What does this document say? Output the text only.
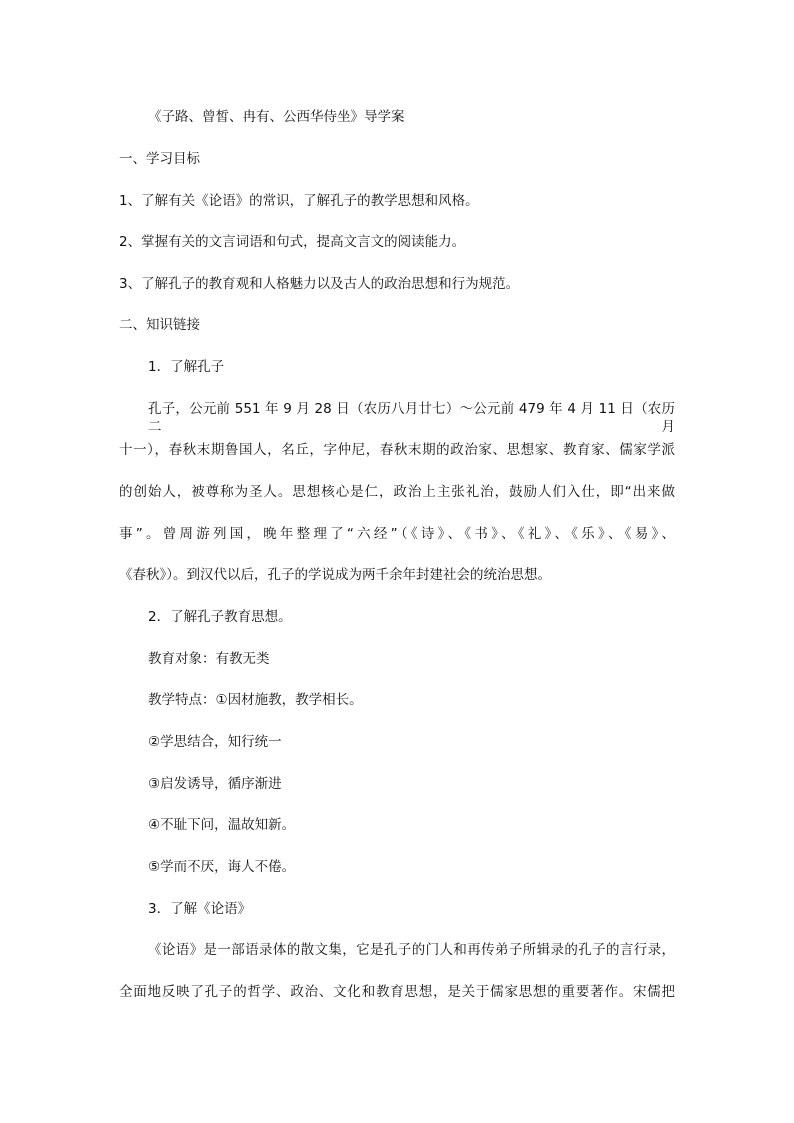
《子路、曾皙、冉有、公西华侍坐》导学案
一、学习目标
1、了解有关《论语》的常识，了解孔子的教学思想和风格。
2、掌握有关的文言词语和句式，提高文言文的阅读能力。
3、了解孔子的教育观和人格魅力以及古人的政治思想和行为规范。
二、知识链接
1．了解孔子
孔子，公元前 551 年 9 月 28 日（农历八月廿七）～公元前 479 年 4 月 11 日（农历二月
十一），春秋末期鲁国人，名丘，字仲尼，春秋末期的政治家、思想家、教育家、儒家学派
的创始人，被尊称为圣人。思想核心是仁，政治上主张礼治，鼓励人们入仕，即“出来做
事”。曾周游列国，晚年整理了“六经”（《诗》、《书》、《礼》、《乐》、《易》、
《春秋》）。到汉代以后，孔子的学说成为两千余年封建社会的统治思想。
2．了解孔子教育思想。
教育对象：有教无类
教学特点：①因材施教，教学相长。
②学思结合，知行统一
③启发诱导，循序渐进
④不耻下问，温故知新。
⑤学而不厌，诲人不倦。
3．了解《论语》
《论语》是一部语录体的散文集，它是孔子的门人和再传弟子所辑录的孔子的言行录，
全面地反映了孔子的哲学、政治、文化和教育思想，是关于儒家思想的重要著作。宋儒把
